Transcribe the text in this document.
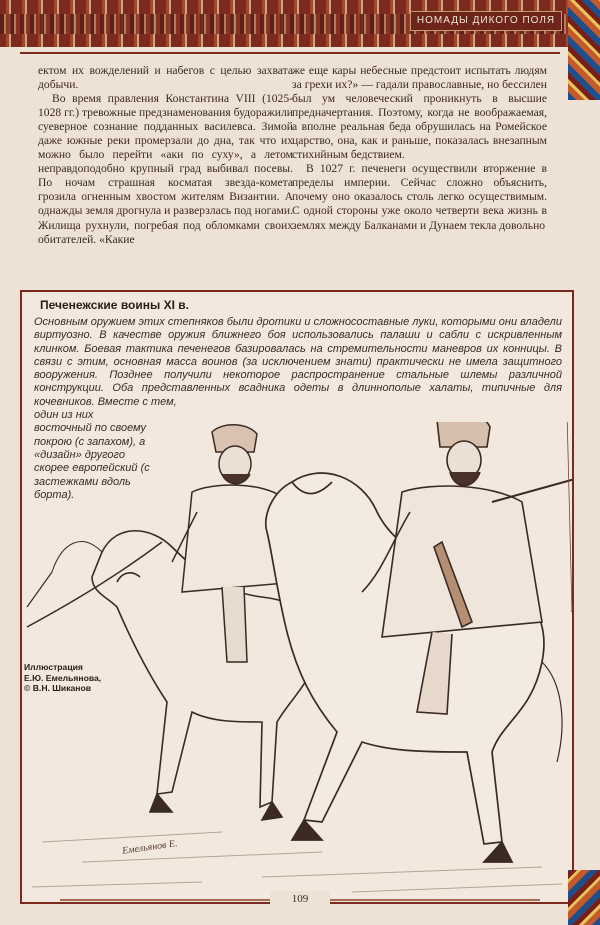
НОМАДЫ ДИКОГО ПОЛЯ

ектом их вожделений и набегов с целью захвата добычи.

Во время правления Константина VIII (1025-1028 гг.) тревожные предзнаменования будоражили суеверное сознание подданных василевса. Зимой даже южные реки промерзали до дна, так что их можно было перейти «аки по суху», а летом неправдоподобно крупный град выбивал посевы. По ночам страшная косматая звезда-комета грозила огненным хвостом жителям Византии. А однажды земля дрогнула и разверзлась под ногами. Жилища рухнули, погребая под обломками своих обитателей. «Какие

же еще кары небесные предстоит испытать людям за грехи их?» — гадали православные, но бессилен был ум человеческий проникнуть в высшие предначертания. Поэтому, когда не воображаемая, а вполне реальная беда обрушилась на Ромейское царство, она, как и раньше, показалась внезапным стихийным бедствием.

В 1027 г. печенеги осуществили вторжение в пределы империи. Сейчас сложно объяснить, почему оно оказалось столь легко осуществимым. С одной стороны уже около четверти века жизнь в землях между Балканами и Дунаем текла довольно

Печенежские воины XI в.
Основным оружием этих степняков были дротики и сложносоставные луки, которыми они владели виртуозно. В качестве оружия ближнего боя использовались палаши и сабли с искривленным клинком. Боевая тактика печенегов базировалась на стремительности маневров их конницы. В связи с этим, основная масса воинов (за исключением знати) практически не имела защитного вооружения. Позднее получили некоторое распространение стальные шлемы различной конструкции. Оба представленных всадника одеты в длиннополые халаты, типичные для кочевников. Вместе с тем,
один из них восточный по своему покрою (с запахом), а «дизайн» другого скорее европейский (с застежками вдоль борта).
Иллюстрация
Е.Ю. Емельянова,
© В.Н. Шиканов
Емельянов Е.
109
